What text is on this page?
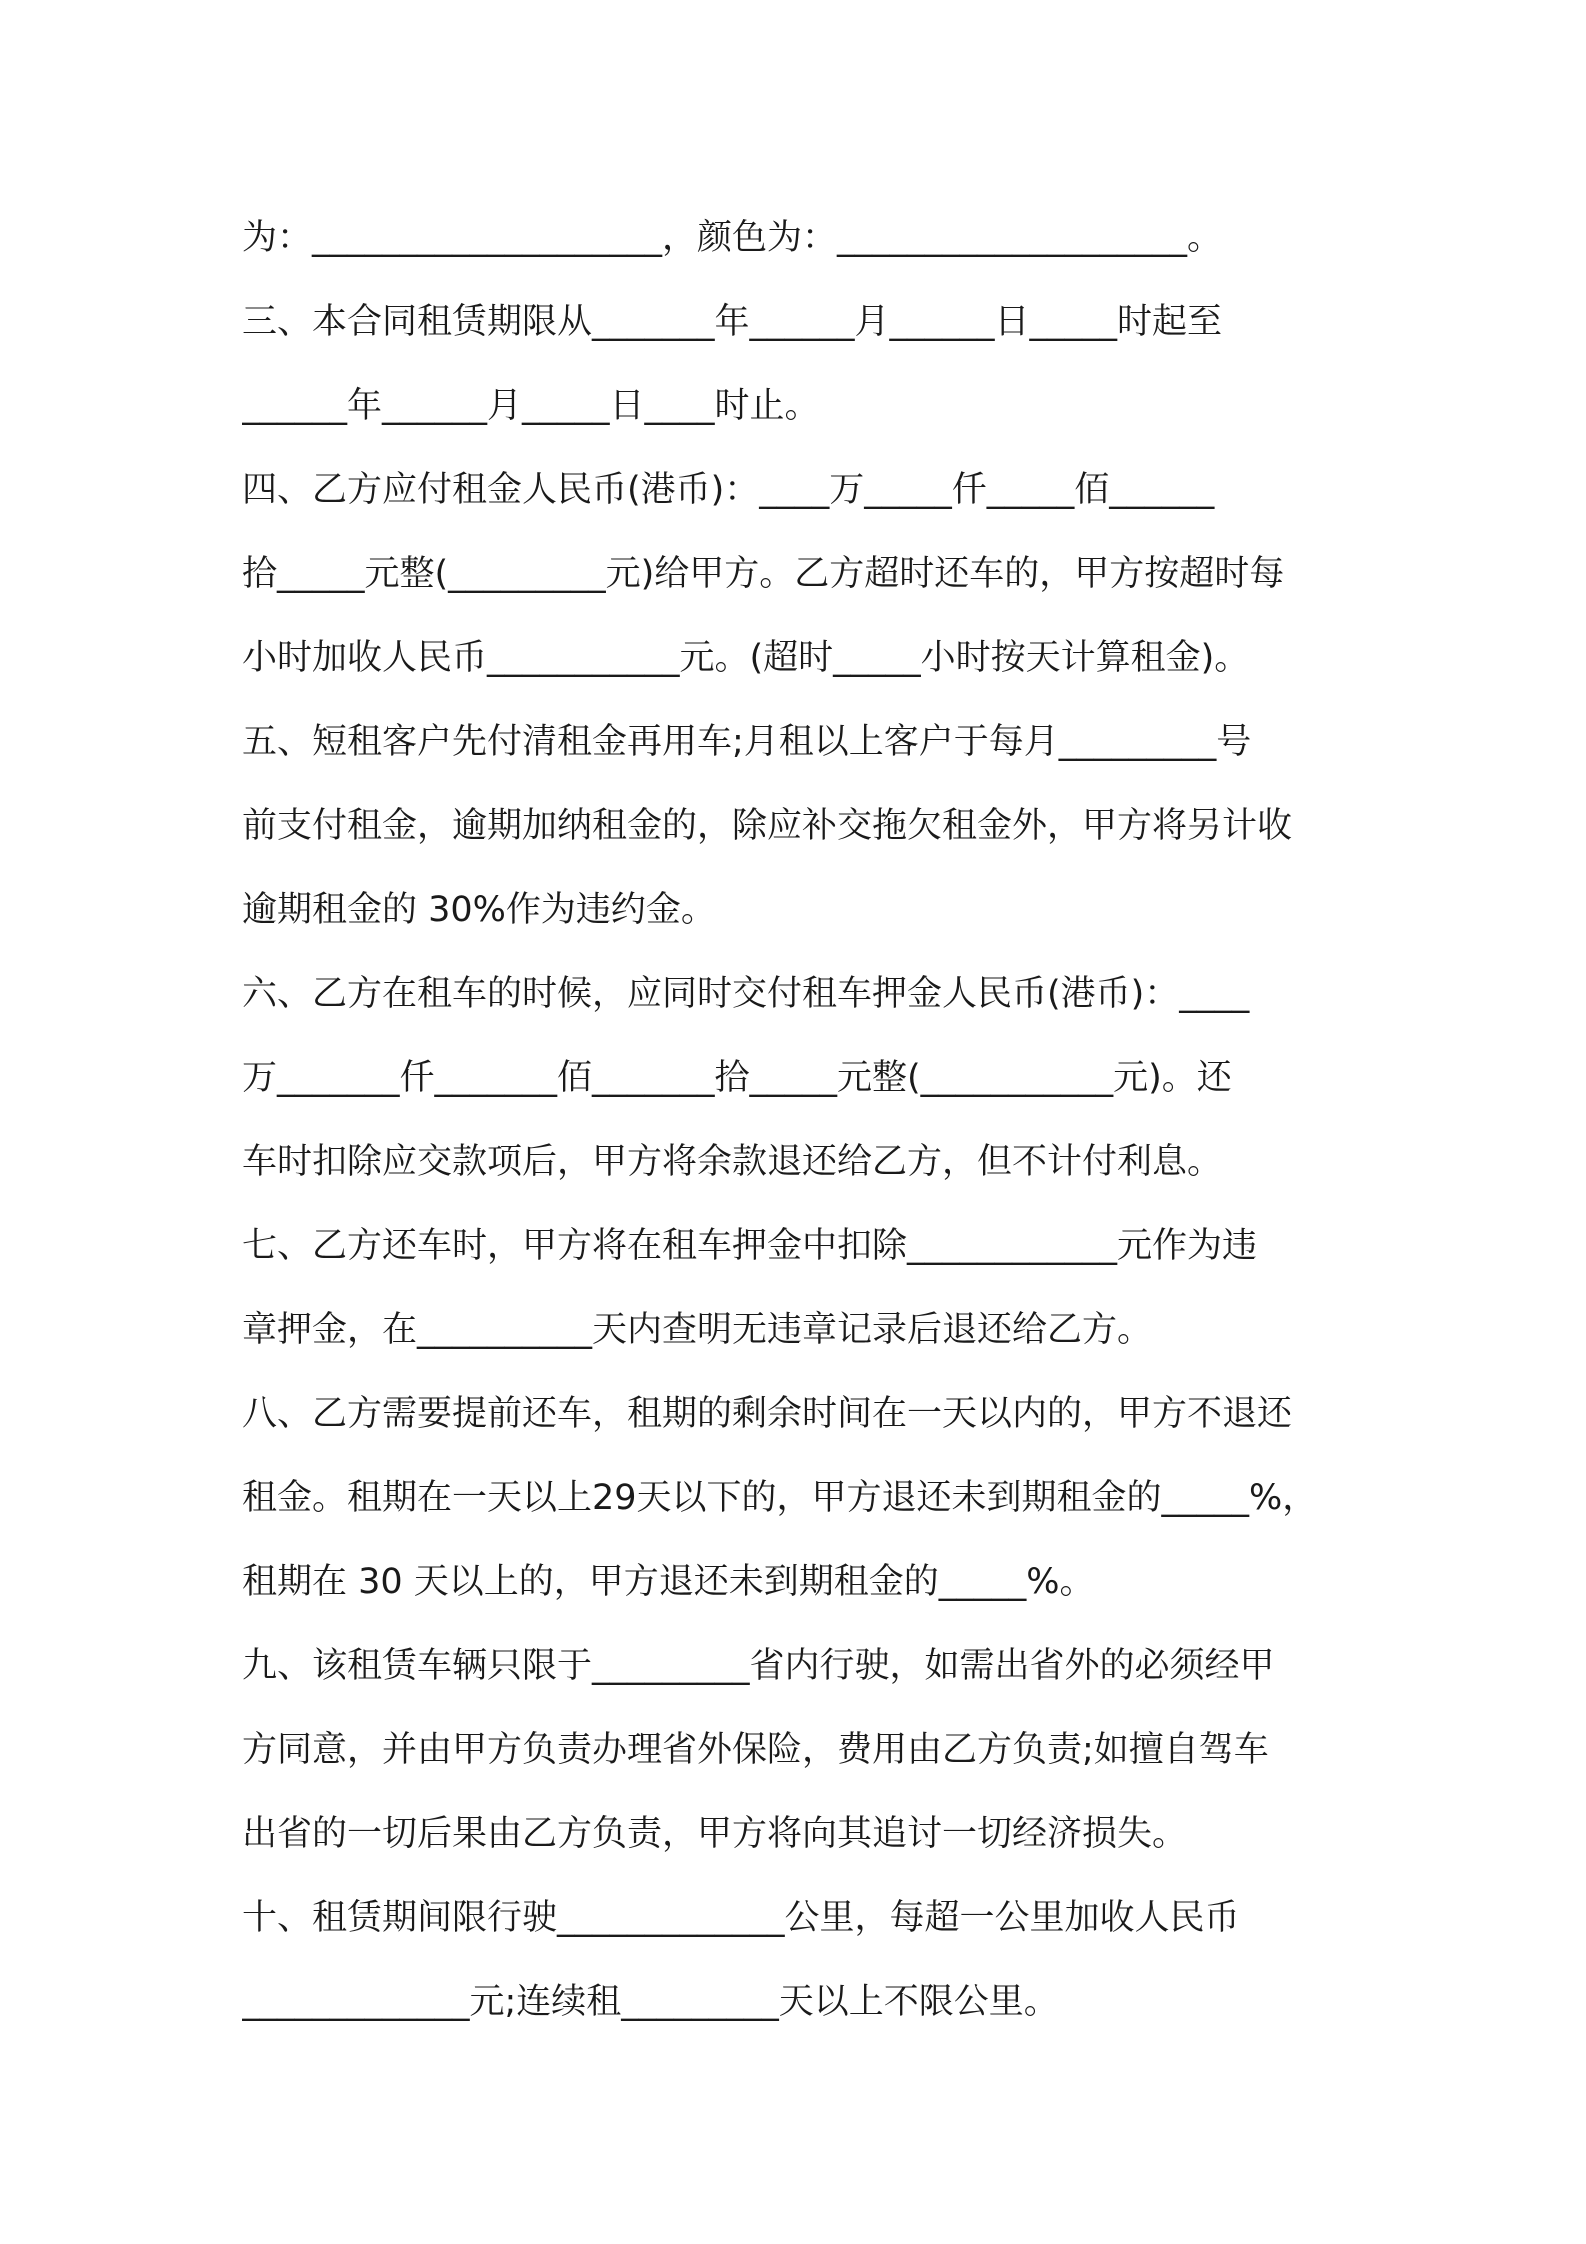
为：____________________，颜色为：____________________。
三、本合同租赁期限从_______年______月______日_____时起至
______年______月_____日____时止。
四、乙方应付租金人民币(港币)：____万_____仟_____佰______
拾_____元整(_________元)给甲方。乙方超时还车的，甲方按超时每
小时加收人民币___________元。(超时_____小时按天计算租金)。
五、短租客户先付清租金再用车;月租以上客户于每月_________号
前支付租金，逾期加纳租金的，除应补交拖欠租金外，甲方将另计收
逾期租金的 30%作为违约金。
六、乙方在租车的时候，应同时交付租车押金人民币(港币)：____
万_______仟_______佰_______拾_____元整(___________元)。还
车时扣除应交款项后，甲方将余款退还给乙方，但不计付利息。
七、乙方还车时，甲方将在租车押金中扣除____________元作为违
章押金，在__________天内查明无违章记录后退还给乙方。
八、乙方需要提前还车，租期的剩余时间在一天以内的，甲方不退还
租金。租期在一天以上29天以下的，甲方退还未到期租金的_____%，
租期在 30 天以上的，甲方退还未到期租金的_____%。
九、该租赁车辆只限于_________省内行驶，如需出省外的必须经甲
方同意，并由甲方负责办理省外保险，费用由乙方负责;如擅自驾车
出省的一切后果由乙方负责，甲方将向其追讨一切经济损失。
十、租赁期间限行驶_____________公里，每超一公里加收人民币
_____________元;连续租_________天以上不限公里。
